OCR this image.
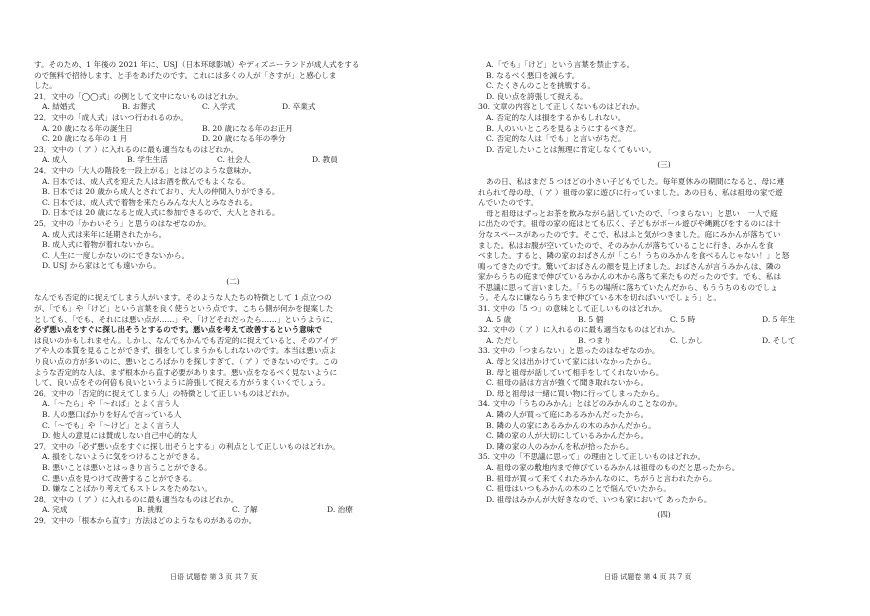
す。そのため、1 年後の 2021 年に、USJ（日本环球影城）やディズニーランドが成人式をする
ので無料で招待します、と手をあげたのです。これには多くの人が「さすが」と感心しま
した。
21．文中の「◯◯式」の例として文中にないものはどれか。
A. 結婚式	B. お葬式	C. 入学式	D. 卒業式
22．文中の「成人式」はいつ行われるのか。
A. 20 歳になる年の誕生日	B. 20 歳になる年のお正月
C. 20 歳になる年の 1 月	D. 20 歳になる年の季分
23．文中の（ ア ）に入れるのに最も適当なものはどれか。
A. 成人	B. 学生生活	C. 社会人	D. 教員
24．文中の「大人の階段を一段上がる」とはどのような意味か。
A. 日本では、成人式を迎えた人はお酒を飲んでもよくなる。
B. 日本では 20 歳から成人とされており、大人の仲間入りができる。
C. 日本では、成人式で着物を来たらみんな大人とみなされる。
D. 日本では 20 歳になると成人式に参加できるので、大人とされる。
25．文中の「かわいそう」と思うのはなぜなのか。
A. 成人式は来年に延期されたから。
B. 成人式に着物が着れないから。
C. 人生に一度しかないのにできないから。
D. USJ から家はとても遠いから。
(二)
なんでも否定的に捉えてしまう人がいます。そのような人たちの特徴として 1 点立つの
が、「でも」や「けど」という言葉を良く使うという点です。こちら側が何かを提案した
としても、「でも、それには悪い点が……」や、「けどそれだったら……」というように、
必ず悪い点をすぐに探し出そうとするのです。悪い点を考えて改善するという意味で
は良いのかもしれません。しかし、なんでもかんでも否定的に捉えていると、そのアイデ
アや人の本質を見ることができず、損をしてしまうかもしれないのです。本当は悪い点よ
り良い点の方が多いのに、悪いところばかりを探しすぎて、（ ア ）できないのです。この
ような否定的な人は、まず根本から直す必要があります。悪い点をなるべく見ないように
して、良い点をその何倍も良いというように誇張して捉える方がうまくいくでしょう。
26．文中の「否定的に捉えてしまう人」の特徴として正しいものはどれか。
A.「～たら」や「～れば」とよく言う人
B. 人の悪口ばかりを好んで言っている人
C.「～でも」や「～けど」とよく言う人
D. 他人の意見には賛成しない自己中心的な人
27．文中の「必ず悪い点をすぐに探し出そうとする」の利点として正しいものはどれか。
A. 損をしないように気をつけることができる。
B. 悪いことは悪いとはっきり言うことができる。
C. 悪い点を見つけて改善することができる。
D. 嫌なことばかり考えてもストレスをためない。
28．文中の（ ア ）に入れるのに最も適当なものはどれか。
A. 完成	B. 挑戦	C. 了解	D. 治療
29．文中の「根本から直す」方法はどのようなものがあるのか。
A.「でも」「けど」という言葉を禁止する。
B. なるべく悪口を減らす。
C. たくさんのことを挑戦する。
D. 良い点を誇張して捉える。
30. 文章の内容として正しくないものはどれか。
A. 否定的な人は損をするかもしれない。
B. 人のいいところを見るようにするべきだ。
C. 否定的な人は「でも」と言いがちだ。
D. 否定したいことは無理に肯定しなくてもいい。
(三)
あの日、私はまだ 5 つほどの小さい子どもでした。毎年夏休みの期間になると、母に連
れられて母の母、（ ア ）祖母の家に遊びに行っていました。あの日も、私は祖母の家で遊
んでいたのです。
母と祖母はずっとお茶を飲みながら話していたので、「つまらない」と思い　一人で庭
に出たのです。祖母の家の庭はとても広く、子どもがボール遊びや縄跳びをするのには十
分なスペースがあったのです。そこで、私はふと気がつきました。庭にみかんが落ちてい
ました。私はお腹が空いていたので、そのみかんが落ちていることに行き、みかんを食
べました。すると、隣の家のおばさんが「こら！うちのみかんを食べるんじゃない！」と怒
鳴ってきたのです。驚いておばさんの顔を見上げました。おばさんが言うみかんは、隣の
家からうちの庭まで伸びているみかんの木から落ちて来たものだったのです。でも、私は
不思議に思って言いました。「うちの場所に落ちていたんだから、もううちのものでしょ
う。そんなに嫌ならうちまで伸びている木を切ればいいでしょう」と。
31. 文中の「5 つ」の意味として正しいものはどれか。
A. 5 歳	B. 5 個	C. 5 時	D. 5 年生
32. 文中の（ ア ）に入れるのに最も適当なものはどれか。
A. ただし	B. つまり	C. しかし	D. そして
33. 文中の「つまらない」と思ったのはなぜなのか。
A. 母と父は出かけていて家にはいなかったから。
B. 母と祖母が話していて相手をしてくれないから。
C. 祖母の話は方言が強くて聞き取れないから。
D. 母と祖母は一緒に買い物に行ってしまったから。
34. 文中の「うちのみかん」とはどのみかんのことなのか。
A. 隣の人が買って庭にあるみかんだったから。
B. 隣の人の家にあるみかんの木のみかんだから。
C. 隣の家の人が大切にしているみかんだから。
D. 隣の家の人のみかんを私が拾ったから。
35. 文中の「不思議に思って」の理由として正しいものはどれか。
A. 祖母の家の敷地内まで伸びているみかんは祖母のものだと思ったから。
B. 祖母が買って来てくれたみかんなのに、ちがうと言われたから。
C. 祖母はいつもみかんの木のことで悩んでいたから。
D. 祖母はみかんが大好きなので、いつも家において あったから。
(四)
日语 试题卷 第 3 页 共 7 页	日语 试题卷 第 4 页 共 7 页
